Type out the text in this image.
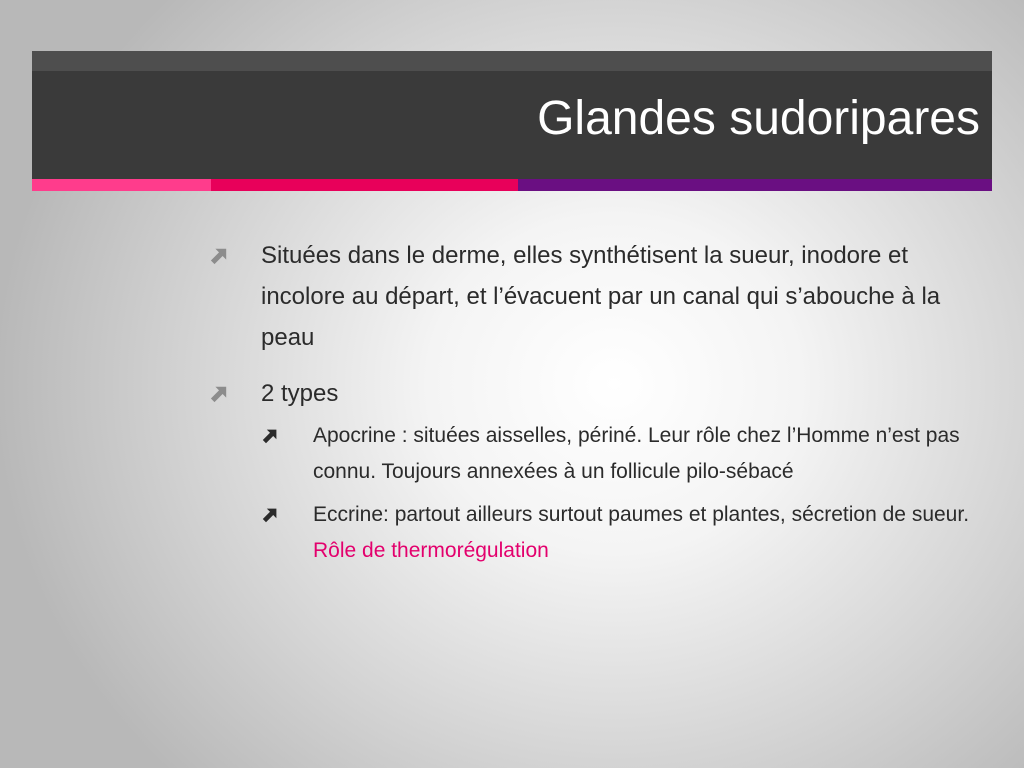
Glandes sudoripares
Situées dans le derme, elles synthétisent la sueur, inodore et incolore au départ, et l’évacuent par un canal qui s’abouche à la peau
2 types
Apocrine : situées aisselles, périné. Leur rôle chez l’Homme n’est pas connu. Toujours annexées à un follicule pilo-sébacé
Eccrine: partout ailleurs surtout paumes et plantes, sécretion de sueur. Rôle de thermorégulation
